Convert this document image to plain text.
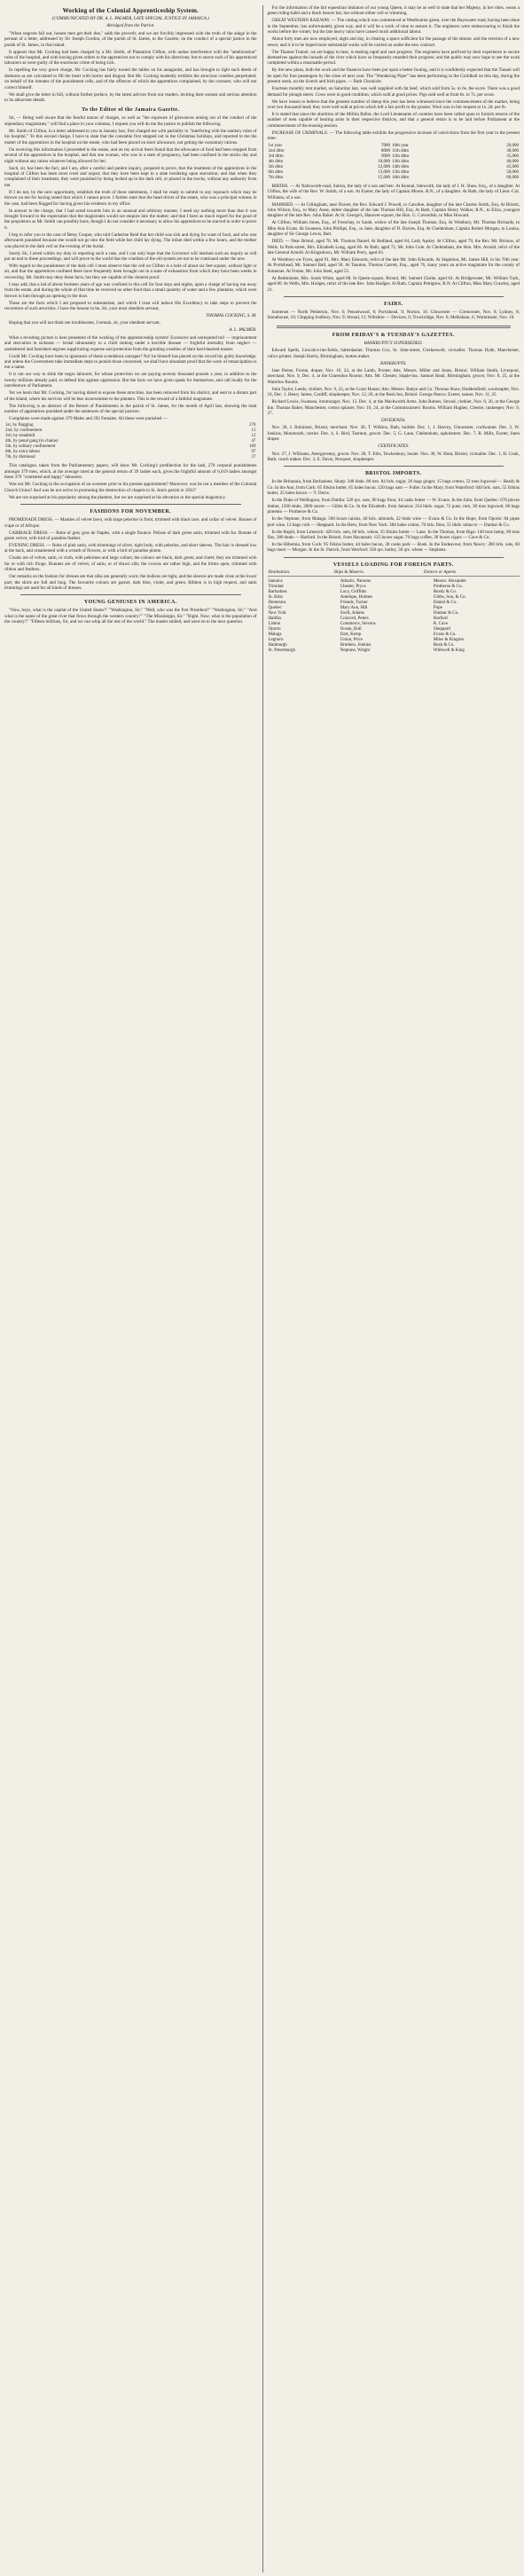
Working of the Colonial Apprenticeship System.
(COMMUNICATED BY DR. A. L. PALMER, LATE SPECIAL JUSTICE IN JAMAICA.)
Abridged from the Patriot.
"When negroes fall out, honest men get their due," saith the proverb; and we are forcibly impressed with the truth of the adage in the perusal of a letter, addressed by Sir Joseph Gordon, of the parish of St. James, to the Gazette, on the conduct of a special justice in the parish of St. James, in that island.
It appears that Mr. Cocking had been charged by a Mr. Smith, of Plantation Clifton, with undue interference with the "amelioration" rules of the hospital, and with having given orders to the apprentices not to comply with his directions; but to starve such of his apprenticed labourers as were guilty of the enormous crime of being sick.
In repelling the very grave charge, Mr. Cocking has fairly turned the tables on his antagonist, and has brought to light such deeds of darkness as are calculated to fill the heart with horror and disgust. But Mr. Cocking modestly exhibits the atrocious cruelties perpetrated, on behalf of the inmates of the punishment cells, and of the offences of which the apprentices complained, by the overseer, who will not correct himself.
We shall give the letter in full, without further preface, by the latest advices from our readers, inviting their earnest and serious attention to its abhorrent details.
To the Editor of the Jamaica Gazette.
Sir, — Being well aware that the fearful nature of charges, as well as "the exposure of grievances arising out of the conduct of the stipendiary magistrates," will find a place in your columns, I request you will do me the justice to publish the following.
Mr. Smith of Clifton, in a letter addressed to you in January last, first charged me with partiality in "interfering with the sanitary rules of his hospital." To this second charge, I have to state that the constable first stepped out in the Christmas holidays, and reported to me the matter of the apprentices in the hospital on the estate, who had been placed on short allowance, not getting the customary rations.
On receiving this information I proceeded to the estate, and on my arrival there found that the allowance of food had been stopped from several of the apprentices in the hospital, and that one woman, who was in a state of pregnancy, had been confined in the stocks day and night without any ration whatever being allowed for her.
Such, sir, has been the fact, and I am, after a careful and patient inquiry, prepared to prove, that the treatment of the apprentices in the hospital of Clifton has been most cruel and unjust; that they have been kept in a state bordering upon starvation; and that when they complained of their treatment, they were punished by being locked up in the dark cell, or placed in the stocks, without any authority from me.
If I do not, by the next opportunity, establish the truth of these statements, I shall be ready to submit to any reproach which may be thrown on me for having stated that which I cannot prove. I further state that the head driver of the estate, who was a principal witness in the case, had been flogged for having given his evidence in my office.
In answer to the charge, that I had acted towards him in an unusual and arbitrary manner, I need say nothing more than that it was brought forward in the expectation that the magistrates would not enquire into the matter; and that I have as much regard for the good of the proprietors as Mr. Smith can possibly have, though I do not consider it necessary to allow his apprentices to be starved in order to prove it.
I beg to refer you to the case of Betsy Cooper, who told Catherine Reid that her child was sick and dying for want of food, and who was afterwards punished because she would not go into the field while her child lay dying. The infant died within a few hours, and the mother was placed in the dark cell on the evening of the burial.
Surely Sir, I acted within my duty in reporting such a case, and I can only hope that the Governor will institute such an inquiry as will put an end to these proceedings, and will prove to the world that the cruelties of the old system are not to be continued under the new.
With regard to the punishment of the dark cell I must observe that the cell on Clifton is a hole of about six feet square, without light or air, and that the apprentices confined there have frequently been brought out in a state of exhaustion from which they have been weeks in recovering. Mr. Smith may deny these facts, but they are capable of the clearest proof.
I may add, that a lad of about fourteen years of age was confined in this cell for four days and nights, upon a charge of having run away from the estate, and during the whole of that time he received no other food than a small quantity of water and a few plantains, which were thrown to him through an opening in the door.
These are the facts which I am prepared to substantiate, and which I trust will induce His Excellency to take steps to prevent the recurrence of such atrocities. I have the honour to be, Sir, your most obedient servant,
THOMAS COCKING, S. M.
Hoping that you will not think me troublesome, I remain, sir, your obedient servant,
A. L. PALMER.
What a revolting picture is here presented of the working of the apprenticeship system! Excessive and unrequited toil — imprisonment and starvation in sickness — brutal inhumanity to a child sinking under a horrible disease — frightful mortality from neglect — unsheltered and famished negroes supplicating expense and protection from the grinding cruelties of their hard-hearted master.
Could Mr. Cocking have been in ignorance of these scandalous outrages? No! he himself has placed on the record his guilty knowledge, and unless the Government take immediate steps to punish those concerned, we shall have abundant proof that the work of emancipation is but a name.
It is not our way to slink the negro labourer, for whose protection we are paying seventy thousand pounds a year, in addition to the twenty millions already paid, to defend him against oppression. But the facts we have given speak for themselves, and call loudly for the interference of Parliament.
Yet we learn that Mr. Cocking, for having dared to expose these atrocities, has been removed from his district, and sent to a distant part of the island, where his services will be less inconvenient to the planters. This is the reward of a faithful magistrate.
The following is an abstract of the Return of Punishments in the parish of St. James, for the month of April last, showing the total number of apprentices punished under the sentences of the special justices:
Complaints were made against 379 Males and 292 Females. All these were punished —
1st, by flogging	270
2nd, by confinement	13
3rd, by treadmill	12
4th, by penal gang (in chains)	47
5th, by solitary confinement	169
6th, by extra labour	97
7th, by dismissal	37
This catalogue, taken from the Parliamentary papers, will show Mr. Cocking's predilection for the lash, 270 corporal punishments amongst 379 men, which, at the average rated at the general return of 39 lashes each, gives the frightful amount of 6,019 lashes amongst these 379 "contented and happy" labourers.
Was not Mr. Cocking in the occupation of an overseer prior to his present appointment? Moreover, was he not a member of the Colonial Church Union? And was he not active in promoting the destruction of chapels in St. Ann's parish in 1832?
We are not surprised at his popularity among the planters, but we are surprised at his elevation to the special magistracy.
FASHIONS FOR NOVEMBER.
PROMENADE DRESS. — Mantles of velvet lawn, with large pelerine in front, trimmed with black lace, and collar of velvet. Bonnet of crape or of Afrique.
CARRIAGE DRESS. — Robe of grey gros de Naples, with a single flounce. Pelisse of dark green satin, trimmed with fur. Bonnet of green velvet, with bird of paradise feather.
EVENING DRESS. — Robe of pink satin, with trimmings of silver, tight body, with pelerine, and short sleeves. The hair is dressed low at the back, and ornamented with a wreath of flowers, or with a bird of paradise plume.
Cloaks are of velvet, satin, or cloth, with pelerines and large collars; the colours are black, dark green, and claret; they are trimmed with fur or with rich fringe. Bonnets are of velvet, of satin, or of drawn silk; the crowns are rather high, and the brims open, trimmed with ribbon and feathers.
Our remarks on the fashion for dresses are that silks are generally worn; the bodices are tight, and the sleeves are made close at the lower part; the skirts are full and long. The favourite colours are garnet, dark blue, violet, and green. Ribbon is in high request, and satin trimmings are used for all kinds of dresses.
YOUNG GENIUSES IN AMERICA.
"Now, boys, what is the capital of the United States?" "Washington, Sir." "Well, who was the first President?" "Washington, Sir." "And what is the name of the great river that flows through the western country?" "The Mississippi, Sir." "Right. Now, what is the population of the country?" "Fifteen millions, Sir, and we can whip all the rest of the world." The master smiled, and went on to the next question.
For the information of the fair equestrian imitators of our young Queen, it may be as well to state that her Majesty, in her rides, wears a green riding-habit and a black beaver hat, but without either veil or trimming.
GREAT WESTERN RAILWAY. — The cutting which was commenced at Westbourne green, over the Bayswater road, having been done in the September, has unfortunately given way, and it will be a work of time to restore it. The engineers were endeavouring to finish the works before the winter; but the late heavy rains have caused much additional labour.
About forty men are now employed, night and day, in clearing a space sufficient for the passage of the stream, and the erection of a new sewer, and it is to be hoped more substantial works will be carried on under the new contract.
The Thames Tunnel, we are happy to hear, is making rapid and sure progress. The engineers have prefixed by their experience to secure themselves against the inroads of the river which have so frequently retarded their progress; and the public may now hope to see the work completed within a reasonable period.
By the new plans, both the work and the finances have been put upon a better footing, and it is confidently expected that the Tunnel will be open for foot passengers by the close of next year. The "Wandering Piper" has been performing in the Guildhall on this day, during the present week, on the Scotch and Irish pipes. — Bath Chronicle.
Fourteen monthly rent market, on Saturday last, was well supplied with fat beef, which sold from 5s. to 6s. the score. There was a good demand for plough steers. Cows were in good condition, which sold at good prices. Pigs sold well at from 6s. to 7s. per score.
We have reason to believe that the greatest number of sheep this year has been witnessed since the commencement of the market, being over two thousand head; they were well sold at prices which left a fair profit to the grazier. Wool was in fair request at 1s. 2d. per lb.
It is stated that since the abolition of the Militia Ballot, the Lord Lieutenants of counties have been called upon to furnish returns of the number of men capable of bearing arms in their respective districts, and that a general return is to be laid before Parliament at the commencement of the ensuing session.
INCREASE OF CRIMINALS. — The following table exhibits the progressive increase of convictions from the first year to the present time:
1st year	7000	10th year	20,000
2nd ditto	8000	11th ditto	30,000
3rd ditto	9000	12th ditto	35,000
4th ditto	10,000	13th ditto	40,000
5th ditto	12,000	14th ditto	45,000
6th ditto	13,000	15th ditto	50,000
7th ditto	15,000	16th ditto	60,000
BIRTHS. — At Nailsworth-road, Sutton, the lady of a son and heir. At Kennal, Isleworth, the lady of J. H. Shaw, Esq., of a daughter. At Clifton, the wife of the Rev. W. Smith, of a son. At Exeter, the lady of Captain Moore, R.N., of a daughter. At Bath, the lady of Lieut.-Col. Williams, of a son.
MARRIED. — At Gillingham, near Dorset, the Rev. Edward J. Powell, to Caroline, daughter of the late Charles Smith, Esq. At Bristol, John Wilson, Esq., to Mary Anne, eldest daughter of the late Thomas Hill, Esq. At Bath, Captain Henry Walker, R.N., to Eliza, youngest daughter of the late Rev. John Baker. At St. George's, Hanover-square, the Hon. G. Cavendish, to Miss Howard.
At Clifton, William Jones, Esq., of Frenchay, to Sarah, widow of the late Joseph Thomas, Esq. At Westbury, Mr. Thomas Richards, to Miss Ann Evans. At Swansea, John Phillips, Esq., to Jane, daughter of D. Davies, Esq. At Cheltenham, Captain Robert Morgan, to Louisa, daughter of Sir George Lewis, Bart.
DIED. — Near Bristol, aged 78, Mr. Thomas Daniel. At Redland, aged 84, Lady Apsley. At Clifton, aged 79, the Rev. Mr. Bristow, of Wells. In Park-street, Mrs. Elizabeth Long, aged 66. At Bath, aged 72, Mr. John Cole. At Cheltenham, the Hon. Mrs. Arnold, relict of the late General Arnold. At Kingsdown, Mr. William Perry, aged 63.
At Westbury-on-Trym, aged 91, Mrs. Mary Edwards, relict of the late Mr. John Edwards. At Stapleton, Mr. James Hill, in his 70th year. At Portishead, Mr. Samuel Ball, aged 58. At Taunton, Thomas Garrett, Esq., aged 76, many years an active magistrate for the county of Somerset. At Frome, Mr. John Steel, aged 55.
At Bedminster, Mrs. Sarah White, aged 88. In Queen-square, Bristol, Mr. Samuel Clarke, aged 64. At Bridgewater, Mr. William Tuck, aged 80. At Wells, Mrs. Hodges, relict of the late Rev. John Hodges. At Bath, Captain Pettigrew, R.N. At Clifton, Miss Mary Crawley, aged 21.
FAIRS.
Somerset — North Petherton, Nov. 6; Penselwood, 8; Portishead, 9; Norton, 10. Gloucester — Cirencester, Nov. 8; Lydney, 8; Stonehouse, 10; Chipping Sodbury, Nov. 9; Stroud, 11; Wiltshire — Devizes, 6; Trowbridge, Nov. 6; Melksham, 6; Warminster, Nov. 10.
FROM FRIDAY'S & TUESDAY'S GAZETTES.
BANKRUPTCY SUPERSEDED.
Edward Spells, Lincoln's-inn-fields, haberdasher. Thomas Cox, St. John-street, Clerkenwell, victualler. Thomas Hyde, Manchester, calico printer. Joseph Harris, Birmingham, button maker.
BANKRUPTS.
Jane Peirse, Frome, draper, Nov. 10, 24, at the Lamb, Frome; Atts. Messrs. Miller and Jones, Bristol. William Smith, Liverpool, merchant, Nov. 9, Dec. 4, at the Clarendon Rooms; Atts. Mr. Chester, Staple-inn. Samuel Read, Birmingham, grocer, Nov. 8, 25, at the Waterloo Rooms.
John Taylor, Leeds, clothier, Nov. 9, 23, at the Court House; Atts. Messrs. Battye and Co. Thomas Shaw, Huddersfield, woolstapler, Nov. 10, Dec. 1. Henry James, Cardiff, shopkeeper, Nov. 12, 26, at the Bush Inn, Bristol. George Pearce, Exeter, tanner, Nov. 11, 25.
Richard Lewis, Swansea, ironmonger, Nov. 13, Dec. 4, at the Mackworth Arms. John Barnes, Stroud, clothier, Nov. 8, 26, at the George Inn. Thomas Baker, Manchester, cotton spinner, Nov. 10, 24, at the Commissioners' Rooms. William Hughes, Chester, innkeeper, Nov. 9, 27.
DIVIDENDS.
Nov. 28, J. Robinson, Bristol, merchant. Nov. 30, T. Wilkins, Bath, builder. Dec. 1, J. Harvey, Gloucester, cordwainer. Dec. 2, W. Jenkins, Monmouth, currier. Dec. 4, S. Bird, Taunton, grocer. Dec. 5, G. Lane, Cheltenham, upholsterer. Dec. 7, R. Mills, Exeter, linen draper.
CERTIFICATES.
Nov. 27, J. Williams, Abergavenny, grocer. Nov. 28, T. Ellis, Tewkesbury, hosier. Nov. 30, W. Hunt, Bristol, victualler. Dec. 1, H. Cook, Bath, coach maker. Dec. 3, E. Davis, Newport, shopkeeper.
BRISTOL IMPORTS.
In the Britannia, from Barbadoes; Sharp: 348 hhds. 86 tres. 84 brls. sugar, 26 bags ginger, 15 bags cotton, 52 tons logwood — Ready & Co. In the Ann, from Cork: 85 firkins butter, 65 bales bacon, 120 bags oats — Fuller. In the Mary, from Waterford: 640 brls. oats, 55 firkins butter, 25 bales bacon — T. Davis.
In the Duke of Wellington, from Dublin: 520 qrs. oats, 80 bags flour, 44 casks butter — W. Evans. In the John, from Quebec: 670 pieces timber, 1500 deals, 2000 staves — Gibbs & Co. In the Elizabeth, from Jamaica: 254 hhds. sugar, 72 puns. rum, 38 tons logwood, 60 bags pimento — Protheroe & Co.
In the Neptune, from Malaga: 560 boxes raisins, 40 brls. almonds, 22 butts wine — Evans & Co. In the Hope, from Oporto: 84 pipes port wine, 12 bags cork — Sheppard. In the Hero, from New York: 384 bales cotton, 70 brls. flour, 55 hhds. tobacco — Dunbar & Co.
In the Rapid, from Limerick: 420 brls. oats, 60 brls. wheat, 35 firkins butter — Lane. In the Thomas, from Riga: 140 tons hemp, 90 tons flax, 300 deals — Harford. In the Bristol, from Havannah: 125 boxes sugar, 70 bags coffee, 30 boxes cigars — Cave & Co.
In the Hibernia, from Cork: 95 firkins butter, 44 bales bacon, 30 casks pork — Bush. In the Endeavour, from Newry: 280 brls. oats, 60 bags meal — Morgan. In the St. Patrick, from Wexford: 330 qrs. barley, 50 qrs. wheat — Stephens.
VESSELS LOADING FOR FOREIGN PARTS.
Destination.	Ships & Masters.	Owners or Agents.
Jamaica	Atlantic, Parsons	Messrs. Alexander
Trinidad	Chester, Pryce	Protheroe & Co.
Barbadoes	Lucy, Griffiths	Ready & Co.
St. Kitts	Antelope, Holmes	Gibbs, Son, & Co.
Demerara	Friends, Turner	Daniel & Co.
Quebec	Mary Ann, Hill	Pope
New York	Swift, Adams	Dunbar & Co.
Halifax	Concord, Peters	Harford
Lisbon	Commerce, Stevens	R. Cave
Oporto	Ocean, Bull	Sheppard
Malaga	Dart, Kemp	Evans & Co.
Leghorn	Union, Price	Miles & Kington
Hamburgh	Brothers, Jenkins	Bush & Co.
St. Petersburgh	Neptune, Wright	Whitwell & King
